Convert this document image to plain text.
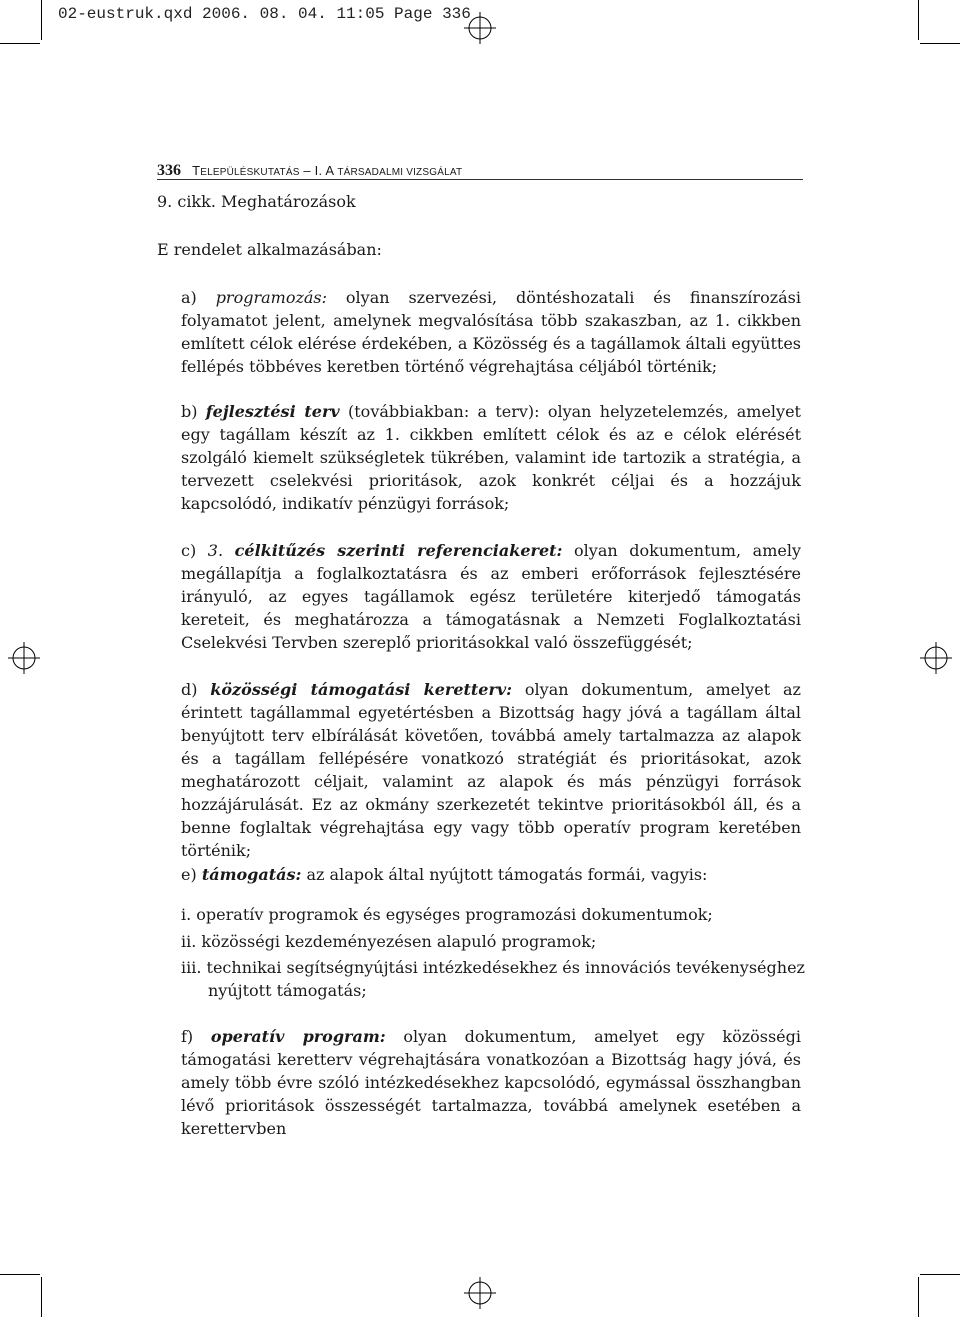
02-eustruk.qxd 2006. 08. 04. 11:05 Page 336
336 TELEPÜLÉSKUTATÁS – I. A TÁRSADALMI VIZSGÁLAT
9. cikk. Meghatározások
E rendelet alkalmazásában:
a) programozás: olyan szervezési, döntéshozatali és finanszírozási folyamatot jelent, amelynek megvalósítása több szakaszban, az 1. cikkben említett célok elérése érdekében, a Közösség és a tagállamok általi együttes fellépés többéves keretben történő végrehajtása céljából történik;
b) fejlesztési terv (továbbiakban: a terv): olyan helyzetelemzés, amelyet egy tagállam készít az 1. cikkben említett célok és az e célok elérését szolgáló kiemelt szükségletek tükrében, valamint ide tartozik a stratégia, a tervezett cselekvési prioritások, azok konkrét céljai és a hozzájuk kapcsolódó, indikatív pénzügyi források;
c) 3. célkitűzés szerinti referenciakeret: olyan dokumentum, amely megállapítja a foglalkoztatásra és az emberi erőforrások fejlesztésére irányuló, az egyes tagállamok egész területére kiterjedő támogatás kereteit, és meghatározza a támogatásnak a Nemzeti Foglalkoztatási Cselekvési Tervben szereplő prioritásokkal való összefüggését;
d) közösségi támogatási keretterv: olyan dokumentum, amelyet az érintett tagállammal egyetértésben a Bizottság hagy jóvá a tagállam által benyújtott terv elbírálását követően, továbbá amely tartalmazza az alapok és a tagállam fellépésére vonatkozó stratégiát és prioritásokat, azok meghatározott céljait, valamint az alapok és más pénzügyi források hozzájárulását. Ez az okmány szerkezetét tekintve prioritásokból áll, és a benne foglaltak végrehajtása egy vagy több operatív program keretében történik;
e) támogatás: az alapok által nyújtott támogatás formái, vagyis:
i. operatív programok és egységes programozási dokumentumok;
ii. közösségi kezdeményezésen alapuló programok;
iii. technikai segítségnyújtási intézkedésekhez és innovációs tevékenységhez
nyújtott támogatás;
f) operatív program: olyan dokumentum, amelyet egy közösségi támogatási keretterv végrehajtására vonatkozóan a Bizottság hagy jóvá, és amely több évre szóló intézkedésekhez kapcsolódó, egymással összhangban lévő prioritások összességét tartalmazza, továbbá amelynek esetében a kerettervben
